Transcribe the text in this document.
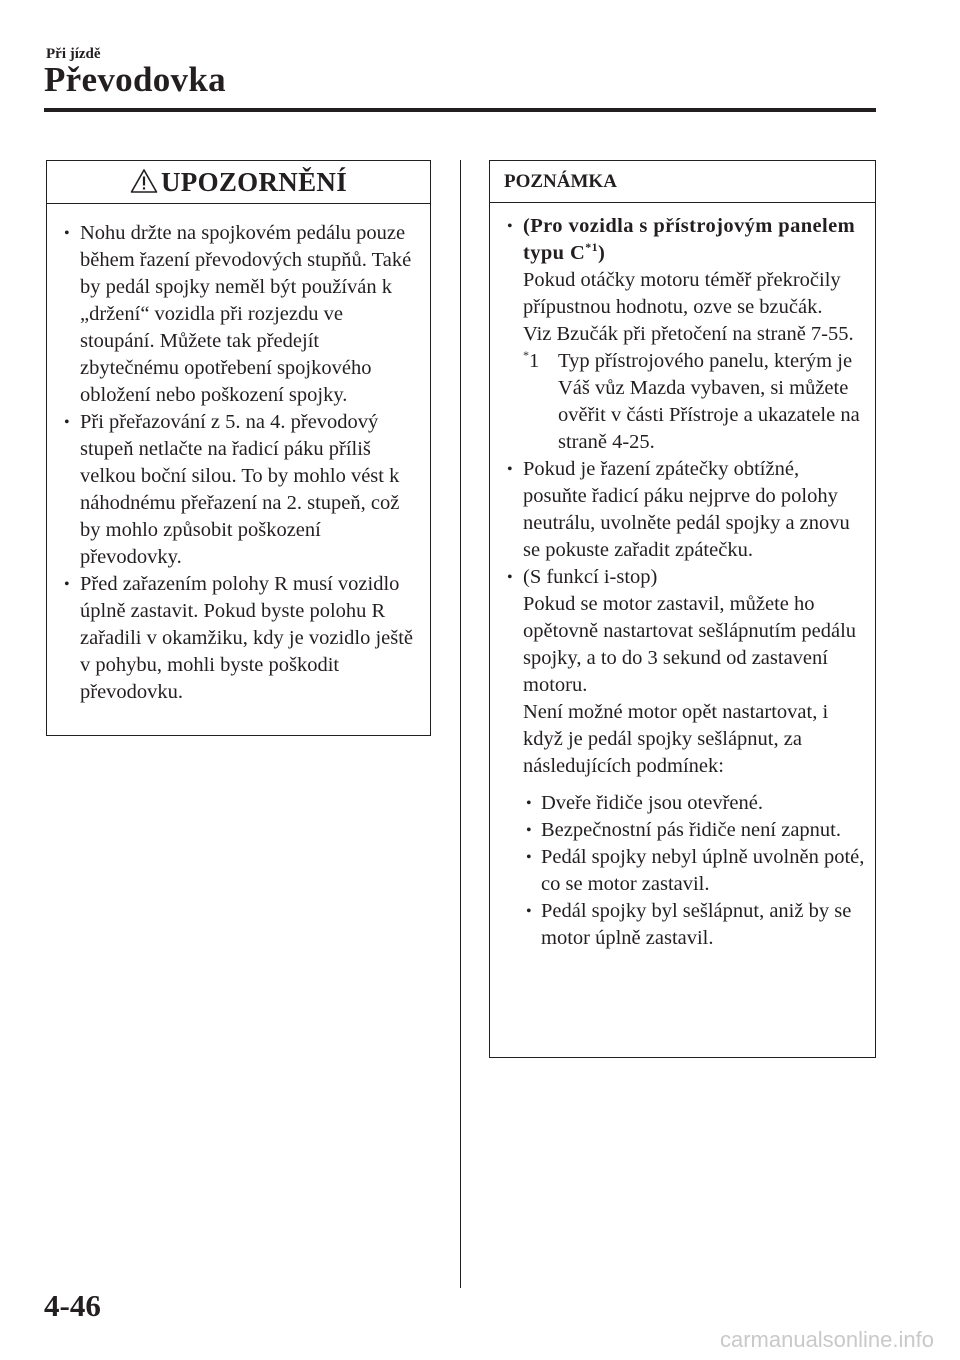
Při jízdě
Převodovka
UPOZORNĚNÍ
• Nohu držte na spojkovém pedálu pouze během řazení převodových stupňů. Také by pedál spojky neměl být používán k „držení“ vozidla při rozjezdu ve stoupání. Můžete tak předejít zbytečnému opotřebení spojkového obložení nebo poškození spojky.
• Při přeřazování z 5. na 4. převodový stupeň netlačte na řadicí páku příliš velkou boční silou. To by mohlo vést k náhodnému přeřazení na 2. stupeň, což by mohlo způsobit poškození převodovky.
• Před zařazením polohy R musí vozidlo úplně zastavit. Pokud byste polohu R zařadili v okamžiku, kdy je vozidlo ještě v pohybu, mohli byste poškodit převodovku.
POZNÁMKA
• (Pro vozidla s přístrojovým panelem typu $C^{*1}$)
Pokud otáčky motoru téměř překročily přípustnou hodnotu, ozve se bzučák.
Viz Bzučák při přetočení na straně 7-55.
*1 Typ přístrojového panelu, kterým je Váš vůz Mazda vybaven, si můžete ověřit v části Přístroje a ukazatele na straně 4-25.
• Pokud je řazení zpátečky obtížné, posuňte řadicí páku nejprve do polohy neutrálu, uvolněte pedál spojky a znovu se pokuste zařadit zpátečku.
• (S funkcí i-stop)
Pokud se motor zastavil, můžete ho opětovně nastartovat sešlápnutím pedálu spojky, a to do 3 sekund od zastavení motoru.
Není možné motor opět nastartovat, i když je pedál spojky sešlápnut, za následujících podmínek:
• Dveře řidiče jsou otevřené.
• Bezpečnostní pás řidiče není zapnut.
• Pedál spojky nebyl úplně uvolněn poté, co se motor zastavil.
• Pedál spojky byl sešlápnut, aniž by se motor úplně zastavil.
4-46
carmanualsonline.info
